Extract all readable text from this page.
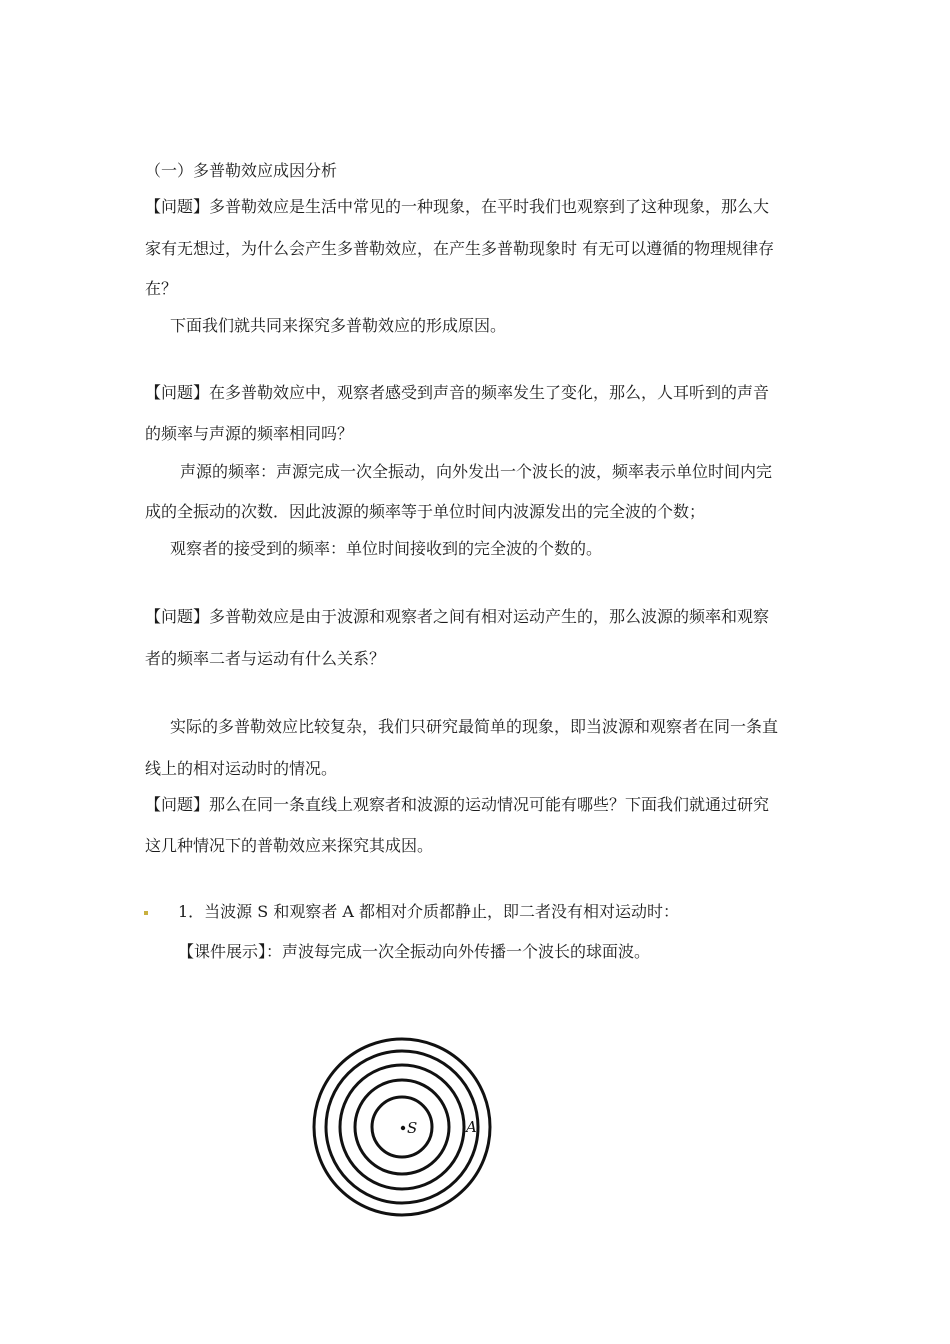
（一）多普勒效应成因分析
【问题】多普勒效应是生活中常见的一种现象，在平时我们也观察到了这种现象，那么大
家有无想过，为什么会产生多普勒效应，在产生多普勒现象时 有无可以遵循的物理规律存
在？
下面我们就共同来探究多普勒效应的形成原因。
【问题】在多普勒效应中，观察者感受到声音的频率发生了变化，那么，人耳听到的声音
的频率与声源的频率相同吗？
声源的频率：声源完成一次全振动，向外发出一个波长的波，频率表示单位时间内完
成的全振动的次数．因此波源的频率等于单位时间内波源发出的完全波的个数；
观察者的接受到的频率：单位时间接收到的完全波的个数的。
【问题】多普勒效应是由于波源和观察者之间有相对运动产生的，那么波源的频率和观察
者的频率二者与运动有什么关系？
实际的多普勒效应比较复杂，我们只研究最简单的现象，即当波源和观察者在同一条直
线上的相对运动时的情况。
【问题】那么在同一条直线上观察者和波源的运动情况可能有哪些？下面我们就通过研究
这几种情况下的普勒效应来探究其成因。
1．当波源 S 和观察者 A 都相对介质都静止，即二者没有相对运动时：
【课件展示】：声波每完成一次全振动向外传播一个波长的球面波。
S	A
